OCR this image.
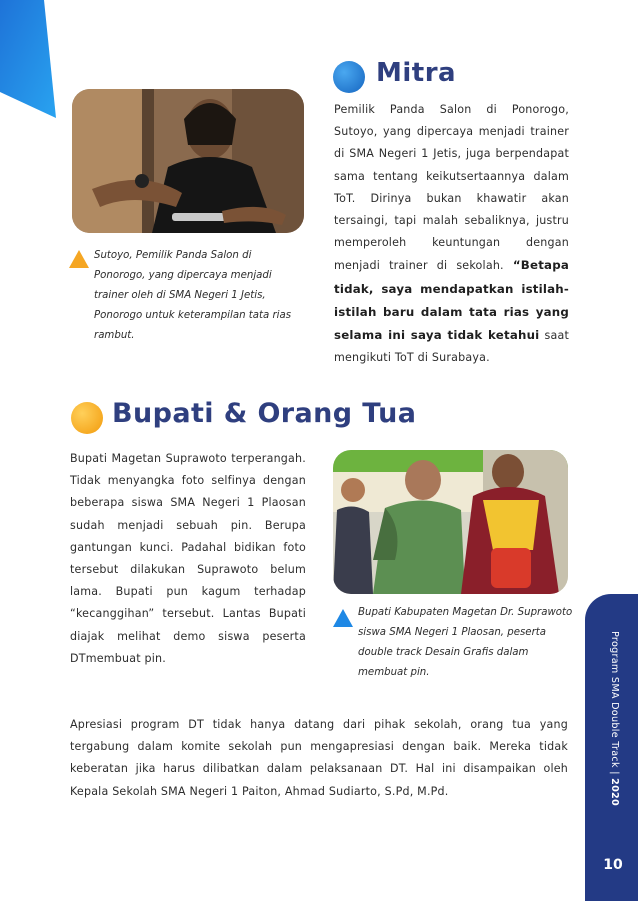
Sutoyo, Pemilik Panda Salon di Ponorogo, yang dipercaya menjadi trainer oleh di SMA Negeri 1 Jetis, Ponorogo untuk keterampilan tata rias rambut.
Mitra
Pemilik Panda Salon di Ponorogo, Sutoyo, yang dipercaya menjadi trainer di SMA Negeri 1 Jetis, juga berpendapat sama tentang keikutsertaannya dalam ToT. Dirinya bukan khawatir akan tersaingi, tapi malah sebaliknya, justru memperoleh keuntungan dengan menjadi trainer di sekolah. “Betapa tidak, saya mendapatkan istilah-istilah baru dalam tata rias yang selama ini saya tidak ketahui saat mengikuti ToT di Surabaya.
Bupati & Orang Tua
Bupati Magetan Suprawoto terperangah. Tidak menyangka foto selfinya dengan beberapa siswa SMA Negeri 1 Plaosan sudah menjadi sebuah pin. Berupa gantungan kunci. Padahal bidikan foto tersebut dilakukan Suprawoto belum lama. Bupati pun kagum terhadap “kecanggihan” tersebut. Lantas Bupati diajak melihat demo siswa peserta DTmembuat pin.
Bupati Kabupaten Magetan Dr. Suprawoto siswa SMA Negeri 1 Plaosan, peserta double track Desain Grafis dalam membuat pin.
Apresiasi program DT tidak hanya datang dari pihak sekolah, orang tua yang tergabung dalam komite sekolah pun mengapresiasi dengan baik. Mereka tidak keberatan jika harus dilibatkan dalam pelaksanaan DT. Hal ini disampaikan oleh Kepala Sekolah SMA Negeri 1 Paiton, Ahmad Sudiarto, S.Pd, M.Pd.
Program SMA Double Track | 2020
10
